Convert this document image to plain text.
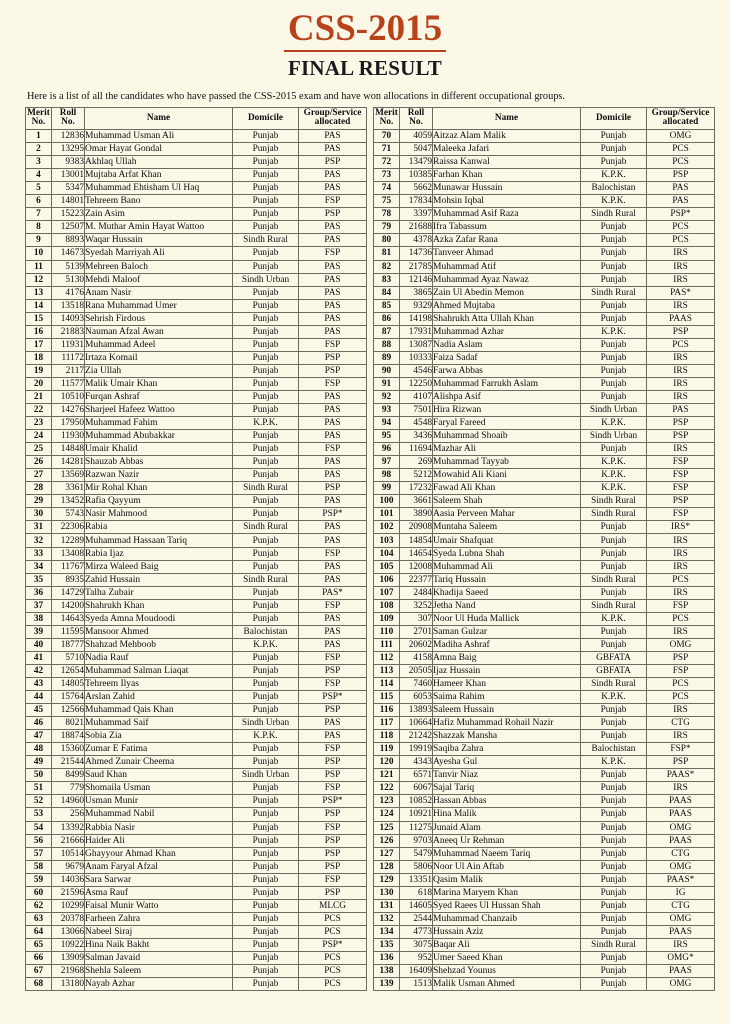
CSS-2015
FINAL RESULT
Here is a list of all the candidates who have passed the CSS-2015 exam and have won allocations in different occupational groups.
Merit
No.	Roll
No.	Name	Domicile	Group/Service
allocated
1	12836	Muhammad Usman Ali	Punjab	PAS
2	13295	Omar Hayat Gondal	Punjab	PAS
3	9383	Akhlaq Ullah	Punjab	PSP
4	13001	Mujtaba Arfat Khan	Punjab	PAS
5	5347	Muhammad Ehtisham Ul Haq	Punjab	PAS
6	14801	Tehreem Bano	Punjab	FSP
7	15223	Zain Asim	Punjab	PSP
8	12507	M. Muthar Amin Hayat Wattoo	Punjab	PAS
9	8893	Waqar Hussain	Sindh Rural	PAS
10	14673	Syedah Marriyah Ali	Punjab	FSP
11	5139	Mehreen Baloch	Punjab	PAS
12	5130	Mehdi Maloof	Sindh Urban	PAS
13	4176	Anam Nasir	Punjab	PAS
14	13518	Rana Muhammad Umer	Punjab	PAS
15	14093	Sehrish Firdous	Punjab	PAS
16	21883	Nauman Afzal Awan	Punjab	PAS
17	11931	Muhammad Adeel	Punjab	FSP
18	11172	Irtaza Komail	Punjab	PSP
19	2117	Zia Ullah	Punjab	PSP
20	11577	Malik Umair Khan	Punjab	FSP
21	10510	Furqan Ashraf	Punjab	PAS
22	14276	Sharjeel Hafeez Wattoo	Punjab	PAS
23	17950	Muhammad Fahim	K.P.K.	PAS
24	11930	Muhammad Abubakkar	Punjab	PAS
25	14848	Umair Khalid	Punjab	FSP
26	14281	Shauzab Abbas	Punjab	PAS
27	13569	Razwan Nazir	Punjab	PAS
28	3361	Mir Rohal Khan	Sindh Rural	PSP
29	13452	Rafia Qayyum	Punjab	PAS
30	5743	Nasir Mahmood	Punjab	PSP*
31	22306	Rabia	Sindh Rural	PAS
32	12289	Muhammad Hassaan Tariq	Punjab	PAS
33	13408	Rabia Ijaz	Punjab	FSP
34	11767	Mirza Waleed Baig	Punjab	PAS
35	8935	Zahid Hussain	Sindh Rural	PAS
36	14729	Talha Zubair	Punjab	PAS*
37	14200	Shahrukh Khan	Punjab	FSP
38	14643	Syeda Amna Moudoodi	Punjab	PAS
39	11595	Mansoor Ahmed	Balochistan	PAS
40	18777	Shahzad Mehboob	K.P.K.	PAS
41	5710	Nadia Rauf	Punjab	FSP
42	12654	Muhammad Salman Liaqat	Punjab	PSP
43	14805	Tehreem Ilyas	Punjab	FSP
44	15764	Arslan Zahid	Punjab	PSP*
45	12566	Muhammad Qais Khan	Punjab	PSP
46	8021	Muhammad Saif	Sindh Urban	PAS
47	18874	Sobia Zia	K.P.K.	PAS
48	15360	Zumar E Fatima	Punjab	FSP
49	21544	Ahmed Zunair Cheema	Punjab	PSP
50	8499	Saud Khan	Sindh Urban	PSP
51	779	Shomaila Usman	Punjab	FSP
52	14960	Usman Munir	Punjab	PSP*
53	256	Muhammad Nabil	Punjab	PSP
54	13392	Rabbia Nasir	Punjab	FSP
56	21666	Haider Ali	Punjab	PSP
57	10514	Ghayyour Ahmad Khan	Punjab	PSP
58	9679	Anam Faryal Afzal	Punjab	PSP
59	14036	Sara Sarwar	Punjab	FSP
60	21596	Asma Rauf	Punjab	PSP
62	10299	Faisal Munir Watto	Punjab	MLCG
63	20378	Farheen Zahra	Punjab	PCS
64	13066	Nabeel Siraj	Punjab	PCS
65	10922	Hina Naik Bakht	Punjab	PSP*
66	13909	Salman Javaid	Punjab	PCS
67	21968	Shehla Saleem	Punjab	PCS
68	13180	Nayab Azhar	Punjab	PCS
Merit
No.	Roll
No.	Name	Domicile	Group/Service
allocated
70	4059	Aitzaz Alam Malik	Punjab	OMG
71	5047	Maleeka Jafari	Punjab	PCS
72	13479	Raissa Kanwal	Punjab	PCS
73	10385	Farhan Khan	K.P.K.	PSP
74	5662	Munawar Hussain	Balochistan	PAS
75	17834	Mohsin Iqbal	K.P.K.	PAS
78	3397	Muhammad Asif Raza	Sindh Rural	PSP*
79	21688	Ifra Tabassum	Punjab	PCS
80	4378	Azka Zafar Rana	Punjab	PCS
81	14736	Tanveer Ahmad	Punjab	IRS
82	21785	Muhammad Atif	Punjab	IRS
83	12146	Muhammad Ayaz Nawaz	Punjab	IRS
84	3865	Zain Ul Abedin Memon	Sindh Rural	PAS*
85	9329	Ahmed Mujtaba	Punjab	IRS
86	14198	Shahrukh Atta Ullah Khan	Punjab	PAAS
87	17931	Muhammad Azhar	K.P.K.	PSP
88	13087	Nadia Aslam	Punjab	PCS
89	10333	Faiza Sadaf	Punjab	IRS
90	4546	Farwa Abbas	Punjab	IRS
91	12250	Muhammad Farrukh Aslam	Punjab	IRS
92	4107	Alishpa Asif	Punjab	IRS
93	7501	Hira Rizwan	Sindh Urban	PAS
94	4548	Faryal Fareed	K.P.K.	PSP
95	3436	Muhammad Shoaib	Sindh Urban	PSP
96	11694	Mazhar Ali	Punjab	IRS
97	269	Muhammad Tayyab	K.P.K.	FSP
98	5212	Mowahid Ali Kiani	K.P.K.	FSP
99	17232	Fawad Ali Khan	K.P.K.	FSP
100	3661	Saleem Shah	Sindh Rural	PSP
101	3890	Aasia Perveen Mahar	Sindh Rural	FSP
102	20908	Muntaha Saleem	Punjab	IRS*
103	14854	Umair Shafquat	Punjab	IRS
104	14654	Syeda Lubna Shah	Punjab	IRS
105	12008	Muhammad Ali	Punjab	IRS
106	22377	Tariq Hussain	Sindh Rural	PCS
107	2484	Khadija Saeed	Punjab	IRS
108	3252	Jetha Nand	Sindh Rural	FSP
109	307	Noor Ul Huda Mallick	K.P.K.	PCS
110	2701	Saman Gulzar	Punjab	IRS
111	20602	Madiha Ashraf	Punjab	OMG
112	4158	Amna Baig	GBFATA	PSP
113	20505	Ijaz Hussain	GBFATA	FSP
114	7460	Hameer Khan	Sindh Rural	PCS
115	6053	Saima Rahim	K.P.K.	PCS
116	13893	Saleem Hussain	Punjab	IRS
117	10664	Hafiz Muhammad Rohail Nazir	Punjab	CTG
118	21242	Shazzak Mansha	Punjab	IRS
119	19919	Saqiba Zahra	Balochistan	FSP*
120	4343	Ayesha Gul	K.P.K.	PSP
121	6571	Tanvir Niaz	Punjab	PAAS*
122	6067	Sajal Tariq	Punjab	IRS
123	10852	Hassan Abbas	Punjab	PAAS
124	10921	Hina Malik	Punjab	PAAS
125	11275	Junaid Alam	Punjab	OMG
126	9703	Aneeq Ur Rehman	Punjab	PAAS
127	5479	Muhammad Naeem Tariq	Punjab	CTG
128	5806	Noor Ul Ain Aftab	Punjab	OMG
129	13351	Qasim Malik	Punjab	PAAS*
130	618	Marina Maryem Khan	Punjab	IG
131	14605	Syed Raees Ul Hussan Shah	Punjab	CTG
132	2544	Muhammad Chanzaib	Punjab	OMG
134	4773	Hussain Aziz	Punjab	PAAS
135	3075	Baqar Ali	Sindh Rural	IRS
136	952	Umer Saeed Khan	Punjab	OMG*
138	16409	Shehzad Younus	Punjab	PAAS
139	1513	Malik Usman Ahmed	Punjab	OMG
